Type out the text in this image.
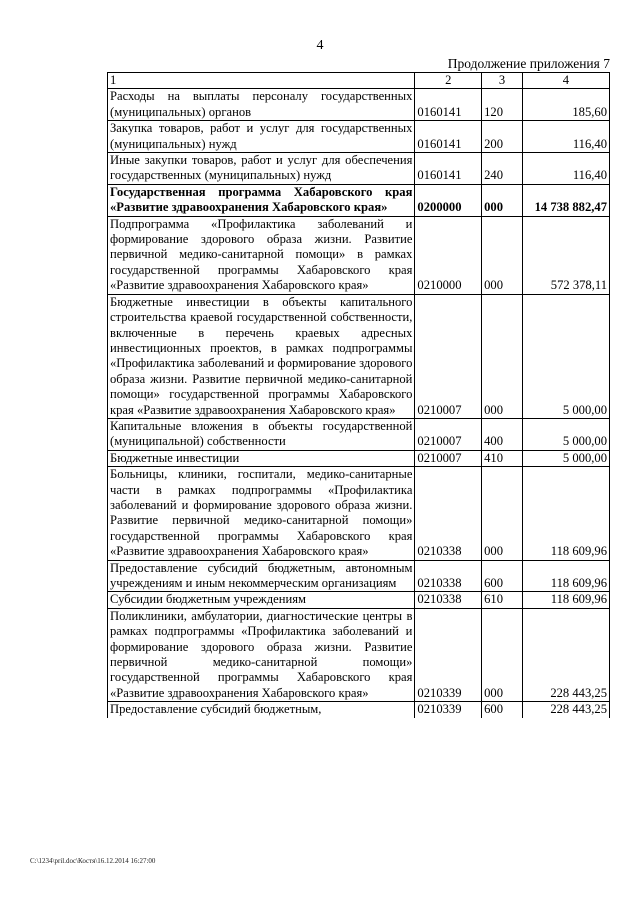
4
Продолжение приложения 7
1	2	3	4
Расходы на выплаты персоналу государственных (муниципальных) органов	0160141	120	185,60
Закупка товаров, работ и услуг для государственных (муниципальных) нужд	0160141	200	116,40
Иные закупки товаров, работ и услуг для обеспечения государственных (муниципальных) нужд	0160141	240	116,40
Государственная программа Хабаровского края «Развитие здравоохранения Хабаровского края»	0200000	000	14 738 882,47
Подпрограмма «Профилактика заболеваний и формирование здорового образа жизни. Развитие первичной медико-санитарной помощи» в рамках государственной программы Хабаровского края «Развитие здравоохранения Хабаровского края»	0210000	000	572 378,11
Бюджетные инвестиции в объекты капитального строительства краевой государственной собственности, включенные в перечень краевых адресных инвестиционных проектов, в рамках подпрограммы «Профилактика заболеваний и формирование здорового образа жизни. Развитие первичной медико-санитарной помощи» государственной программы Хабаровского края «Развитие здравоохранения Хабаровского края»	0210007	000	5 000,00
Капитальные вложения в объекты государственной (муниципальной) собственности	0210007	400	5 000,00
Бюджетные инвестиции	0210007	410	5 000,00
Больницы, клиники, госпитали, медико-санитарные части в рамках подпрограммы «Профилактика заболеваний и формирование здорового образа жизни. Развитие первичной медико-санитарной помощи» государственной программы Хабаровского края «Развитие здравоохранения Хабаровского края»	0210338	000	118 609,96
Предоставление субсидий бюджетным, автономным учреждениям и иным некоммерческим организациям	0210338	600	118 609,96
Субсидии бюджетным учреждениям	0210338	610	118 609,96
Поликлиники, амбулатории, диагностические центры в рамках подпрограммы «Профилактика заболеваний и формирование здорового образа жизни. Развитие первичной медико-санитарной помощи» государственной программы Хабаровского края «Развитие здравоохранения Хабаровского края»	0210339	000	228 443,25
Предоставление субсидий бюджетным,	0210339	600	228 443,25
C:\1234\pril.doc\Костя\16.12.2014 16:27:00
